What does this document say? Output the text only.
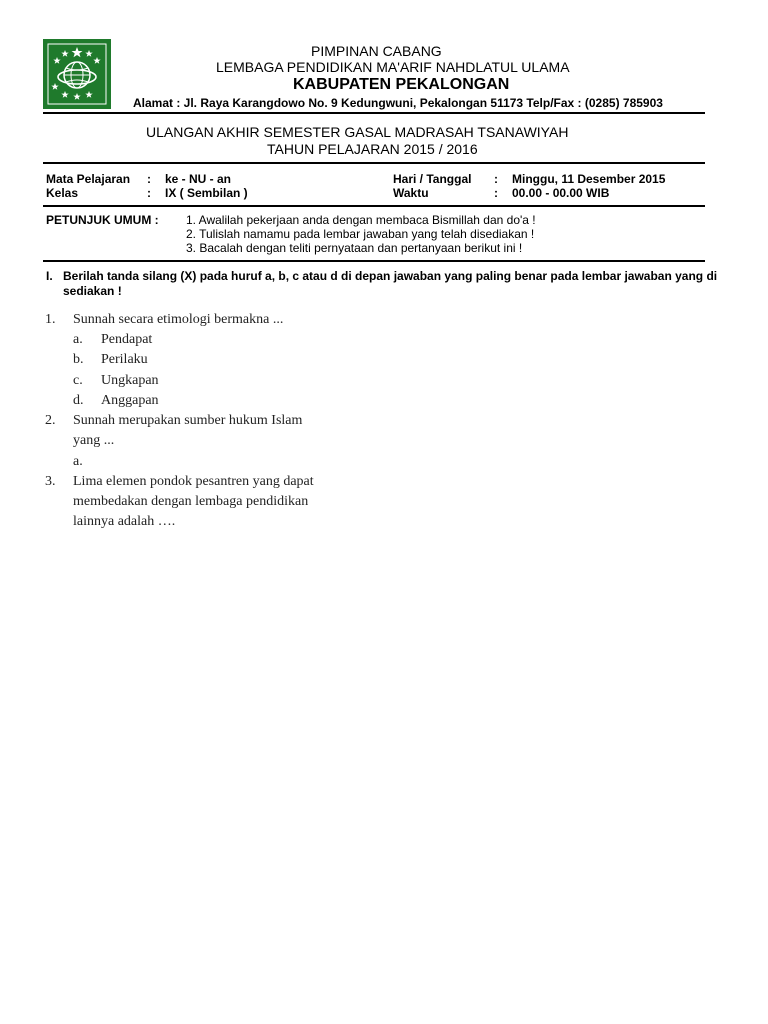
PIMPINAN CABANG
LEMBAGA PENDIDIKAN MA'ARIF NAHDLATUL ULAMA
KABUPATEN PEKALONGAN
Alamat : Jl. Raya Karangdowo No. 9 Kedungwuni, Pekalongan 51173 Telp/Fax : (0285) 785903
ULANGAN AKHIR SEMESTER GASAL MADRASAH TSANAWIYAH
TAHUN PELAJARAN 2015 / 2016
Mata Pelajaran : ke - NU - an
Kelas	: IX ( Sembilan )
Hari / Tanggal : Minggu, 11 Desember 2015
Waktu	: 00.00 - 00.00 WIB
PETUNJUK UMUM : 1. Awalilah pekerjaan anda dengan membaca Bismillah dan do'a !
2. Tulislah namamu pada lembar jawaban yang telah disediakan !
3. Bacalah dengan teliti pernyataan dan pertanyaan berikut ini !
I. Berilah tanda silang (X) pada huruf a, b, c atau d di depan jawaban yang paling benar pada lembar jawaban yang di sediakan !
1. Sunnah secara etimologi bermakna ...
a. Pendapat
b. Perilaku
c. Ungkapan
d. Anggapan
2. Sunnah merupakan sumber hukum Islam
yang ...
a.
3. Lima elemen pondok pesantren yang dapat
membedakan dengan lembaga pendidikan
lainnya adalah ….
